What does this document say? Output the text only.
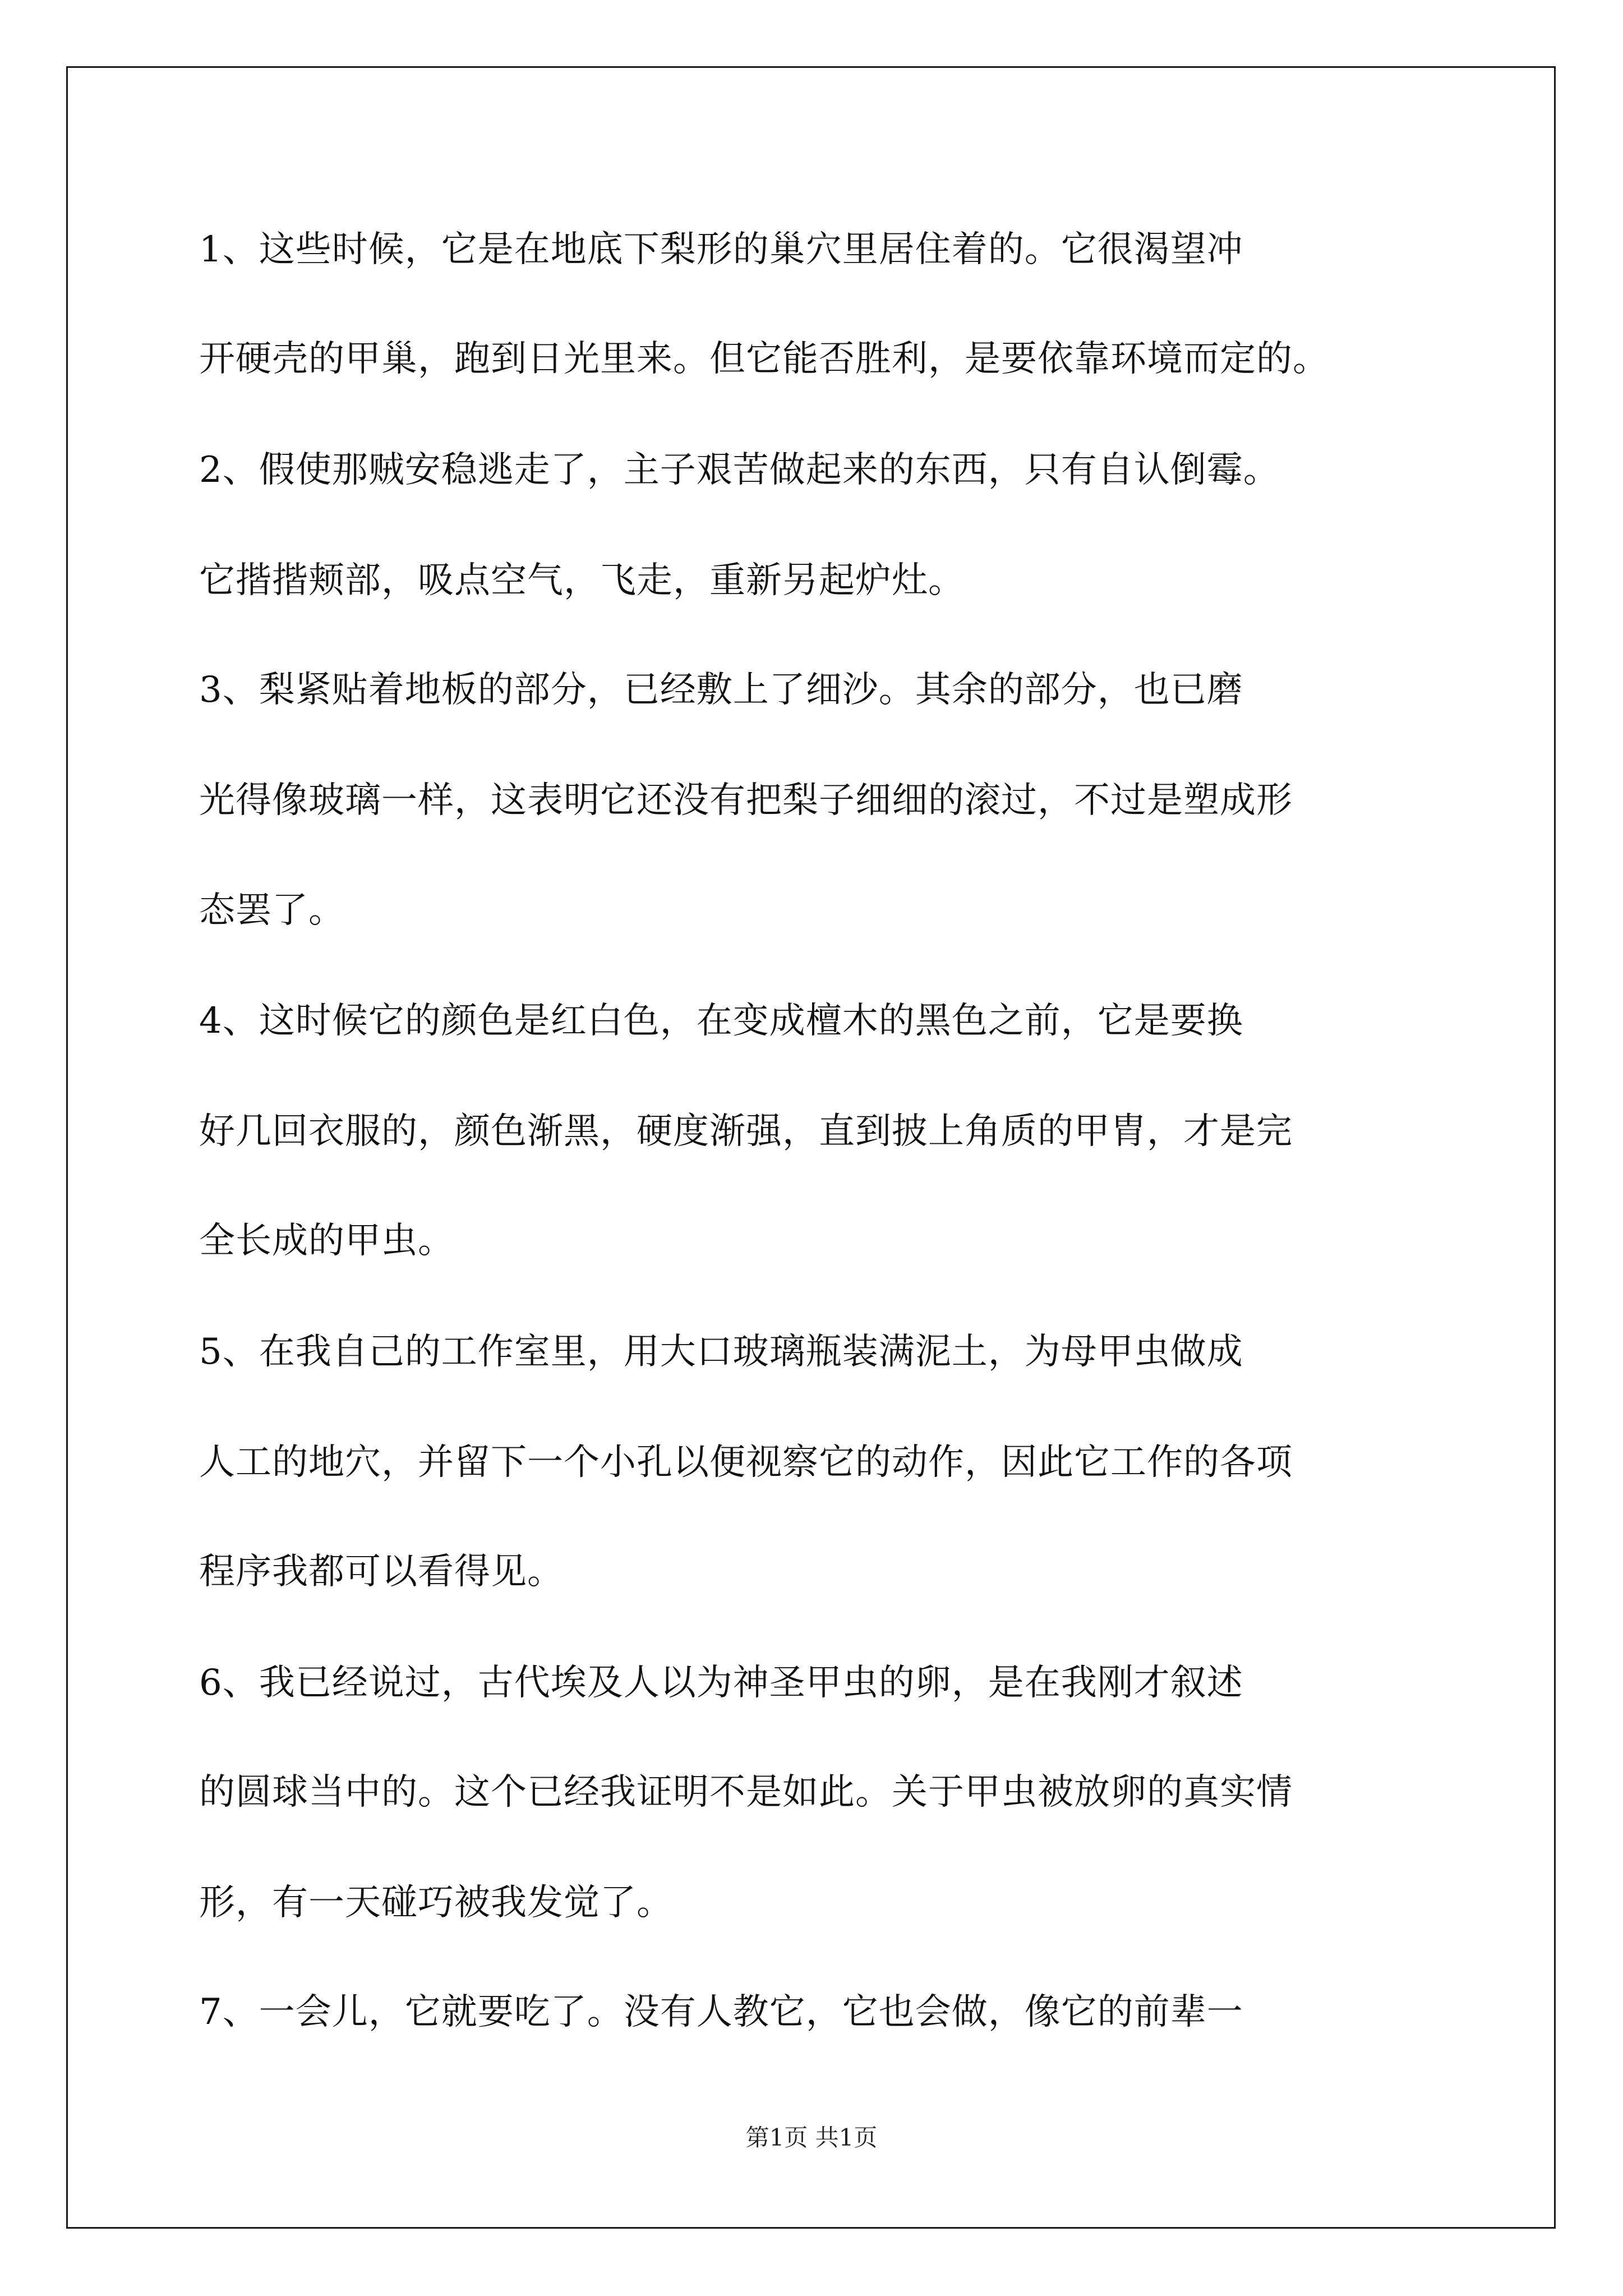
1、这些时候，它是在地底下梨形的巢穴里居住着的。它很渴望冲
开硬壳的甲巢，跑到日光里来。但它能否胜利，是要依靠环境而定的。
2、假使那贼安稳逃走了，主子艰苦做起来的东西，只有自认倒霉。
它揩揩颊部，吸点空气，飞走，重新另起炉灶。
3、梨紧贴着地板的部分，已经敷上了细沙。其余的部分，也已磨
光得像玻璃一样，这表明它还没有把梨子细细的滚过，不过是塑成形
态罢了。
4、这时候它的颜色是红白色，在变成檀木的黑色之前，它是要换
好几回衣服的，颜色渐黑，硬度渐强，直到披上角质的甲胄，才是完
全长成的甲虫。
5、在我自己的工作室里，用大口玻璃瓶装满泥土，为母甲虫做成
人工的地穴，并留下一个小孔以便视察它的动作，因此它工作的各项
程序我都可以看得见。
6、我已经说过，古代埃及人以为神圣甲虫的卵，是在我刚才叙述
的圆球当中的。这个已经我证明不是如此。关于甲虫被放卵的真实情
形，有一天碰巧被我发觉了。
7、一会儿，它就要吃了。没有人教它，它也会做，像它的前辈一
第1页 共1页
